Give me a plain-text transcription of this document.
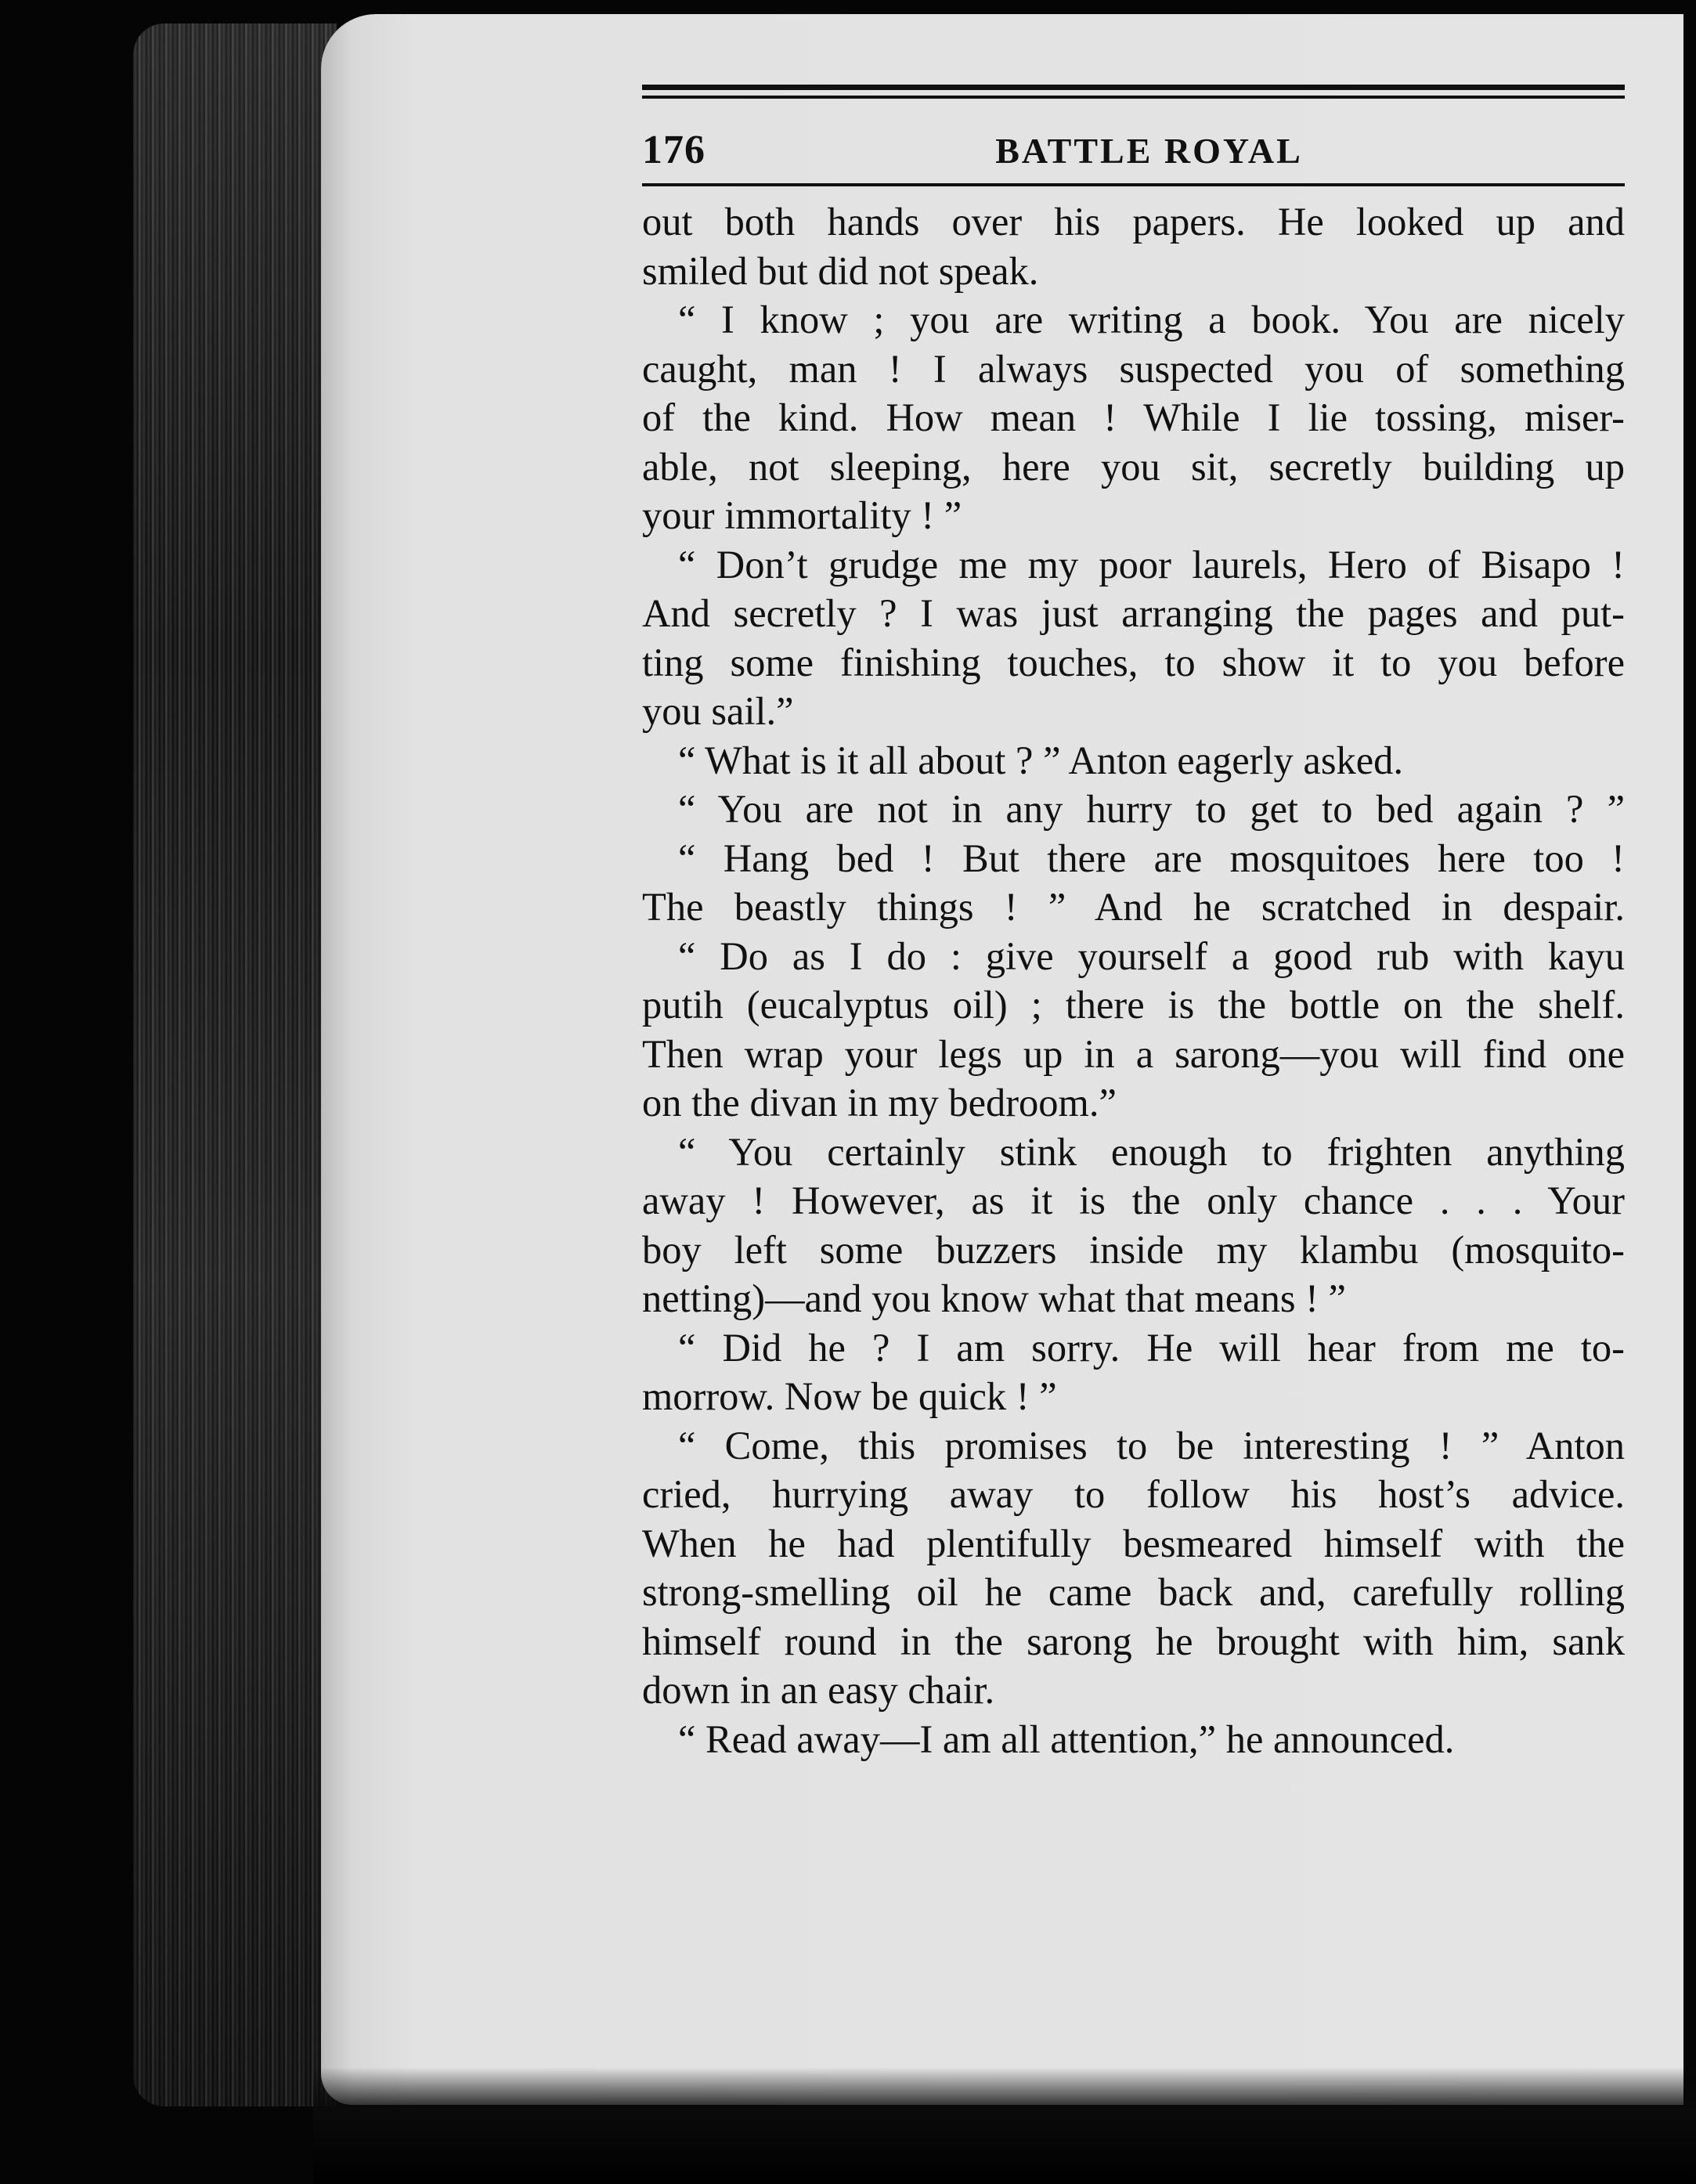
176	BATTLE ROYAL

out both hands over his papers. He looked up and

smiled but did not speak.

“ I know ; you are writing a book. You are nicely

caught, man ! I always suspected you of something

of the kind. How mean ! While I lie tossing, miser-

able, not sleeping, here you sit, secretly building up

your immortality ! ”

“ Don’t grudge me my poor laurels, Hero of Bisapo !

And secretly ? I was just arranging the pages and put-

ting some finishing touches, to show it to you before

you sail.”

“ What is it all about ? ” Anton eagerly asked.

“ You are not in any hurry to get to bed again ? ”

“ Hang bed ! But there are mosquitoes here too !

The beastly things ! ” And he scratched in despair.

“ Do as I do : give yourself a good rub with kayu

putih (eucalyptus oil) ; there is the bottle on the shelf.

Then wrap your legs up in a sarong—you will find one

on the divan in my bedroom.”

“ You certainly stink enough to frighten anything

away ! However, as it is the only chance . . . Your

boy left some buzzers inside my klambu (mosquito-

netting)—and you know what that means ! ”

“ Did he ? I am sorry. He will hear from me to-

morrow. Now be quick ! ”

“ Come, this promises to be interesting ! ” Anton

cried, hurrying away to follow his host’s advice.

When he had plentifully besmeared himself with the

strong-smelling oil he came back and, carefully rolling

himself round in the sarong he brought with him, sank

down in an easy chair.

“ Read away—I am all attention,” he announced.
